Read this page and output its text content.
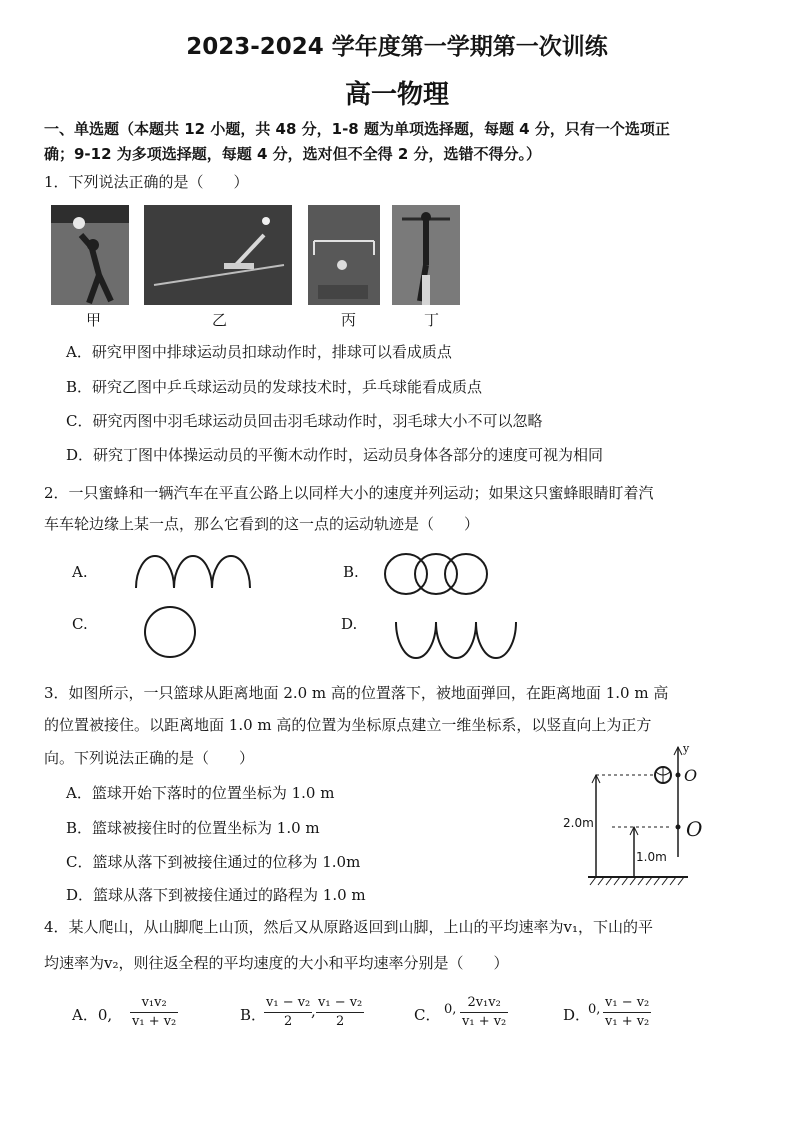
2023-2024 学年度第一学期第一次训练
高一物理
一、单选题（本题共 12 小题，共 48 分，1-8 题为单项选择题，每题 4 分，只有一个选项正
确；9-12 为多项选择题，每题 4 分，选对但不全得 2 分，选错不得分。）
1．下列说法正确的是（　　）
甲	乙	丙	丁
A．研究甲图中排球运动员扣球动作时，排球可以看成质点
B．研究乙图中乒乓球运动员的发球技术时，乒乓球能看成质点
C．研究丙图中羽毛球运动员回击羽毛球动作时，羽毛球大小不可以忽略
D．研究丁图中体操运动员的平衡木动作时，运动员身体各部分的速度可视为相同
2．一只蜜蜂和一辆汽车在平直公路上以同样大小的速度并列运动；如果这只蜜蜂眼睛盯着汽
车车轮边缘上某一点，那么它看到的这一点的运动轨迹是（　　）
A.	B.
C.	D.
3．如图所示，一只篮球从距离地面 2.0 m 高的位置落下，被地面弹回，在距离地面 1.0 m 高
的位置被接住。以距离地面 1.0 m 高的位置为坐标原点建立一维坐标系，以竖直向上为正方
向。下列说法正确的是（　　）
A．篮球开始下落时的位置坐标为 1.0 m
B．篮球被接住时的位置坐标为 1.0 m
C．篮球从落下到被接住通过的位移为 1.0m
D．篮球从落下到被接住通过的路程为 1.0 m
y
O
O
2.0m
1.0m
4．某人爬山，从山脚爬上山顶，然后又从原路返回到山脚，上山的平均速率为v₁，下山的平
均速率为v₂，则往返全程的平均速度的大小和平均速率分别是（　　）
A．0, $\frac{\text{v₁v₂}}{\text{v₁ + v₂}}$	B．
$\frac{\text{v₁ − v₂}}{2}$
, $\frac{\text{v₁ − v₂}}{2}$	C． 0, $\frac{\text{2v₁v₂}}{\text{v₁ + v₂}}$	D．
0, $\frac{\text{v₁ − v₂}}{\text{v₁ + v₂}}$
